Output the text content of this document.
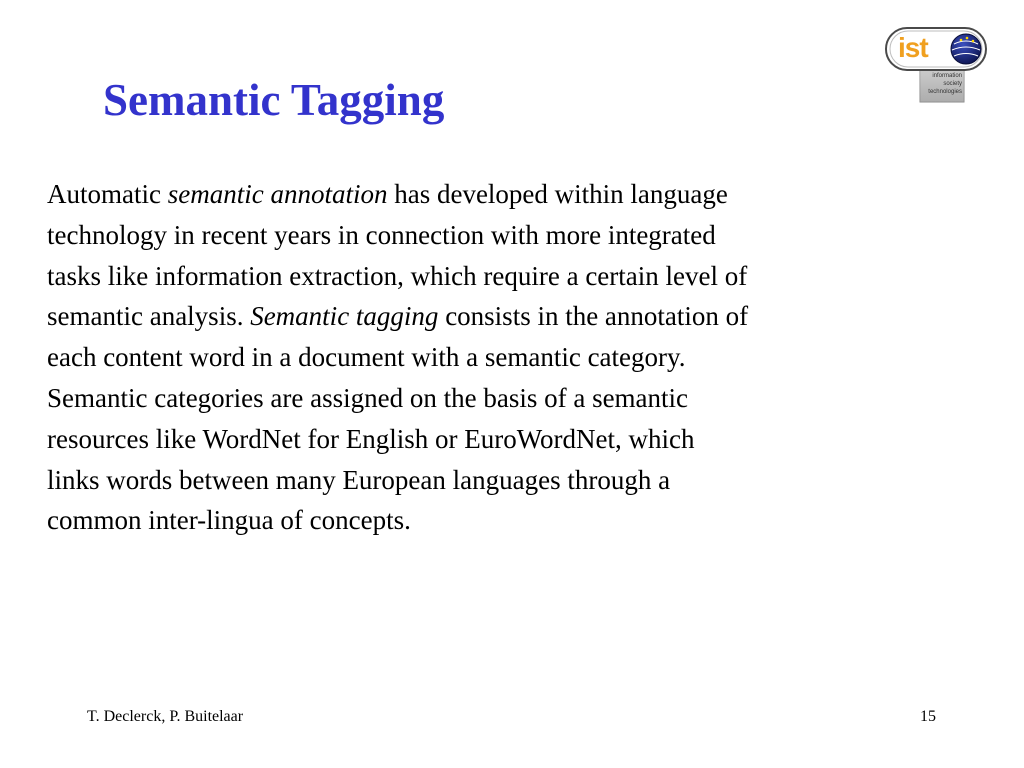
Semantic Tagging
ist
information
society
technologies

Automatic semantic annotation has developed within language
technology in recent years in connection with more integrated
tasks like information extraction, which require a certain level of
semantic analysis. Semantic tagging consists in the annotation of
each content word in a document with a semantic category.
Semantic categories are assigned on the basis of a semantic
resources like WordNet for English or EuroWordNet, which
links words between many European languages through a
common inter-lingua of concepts.

T. Declerck, P. Buitelaar	15
